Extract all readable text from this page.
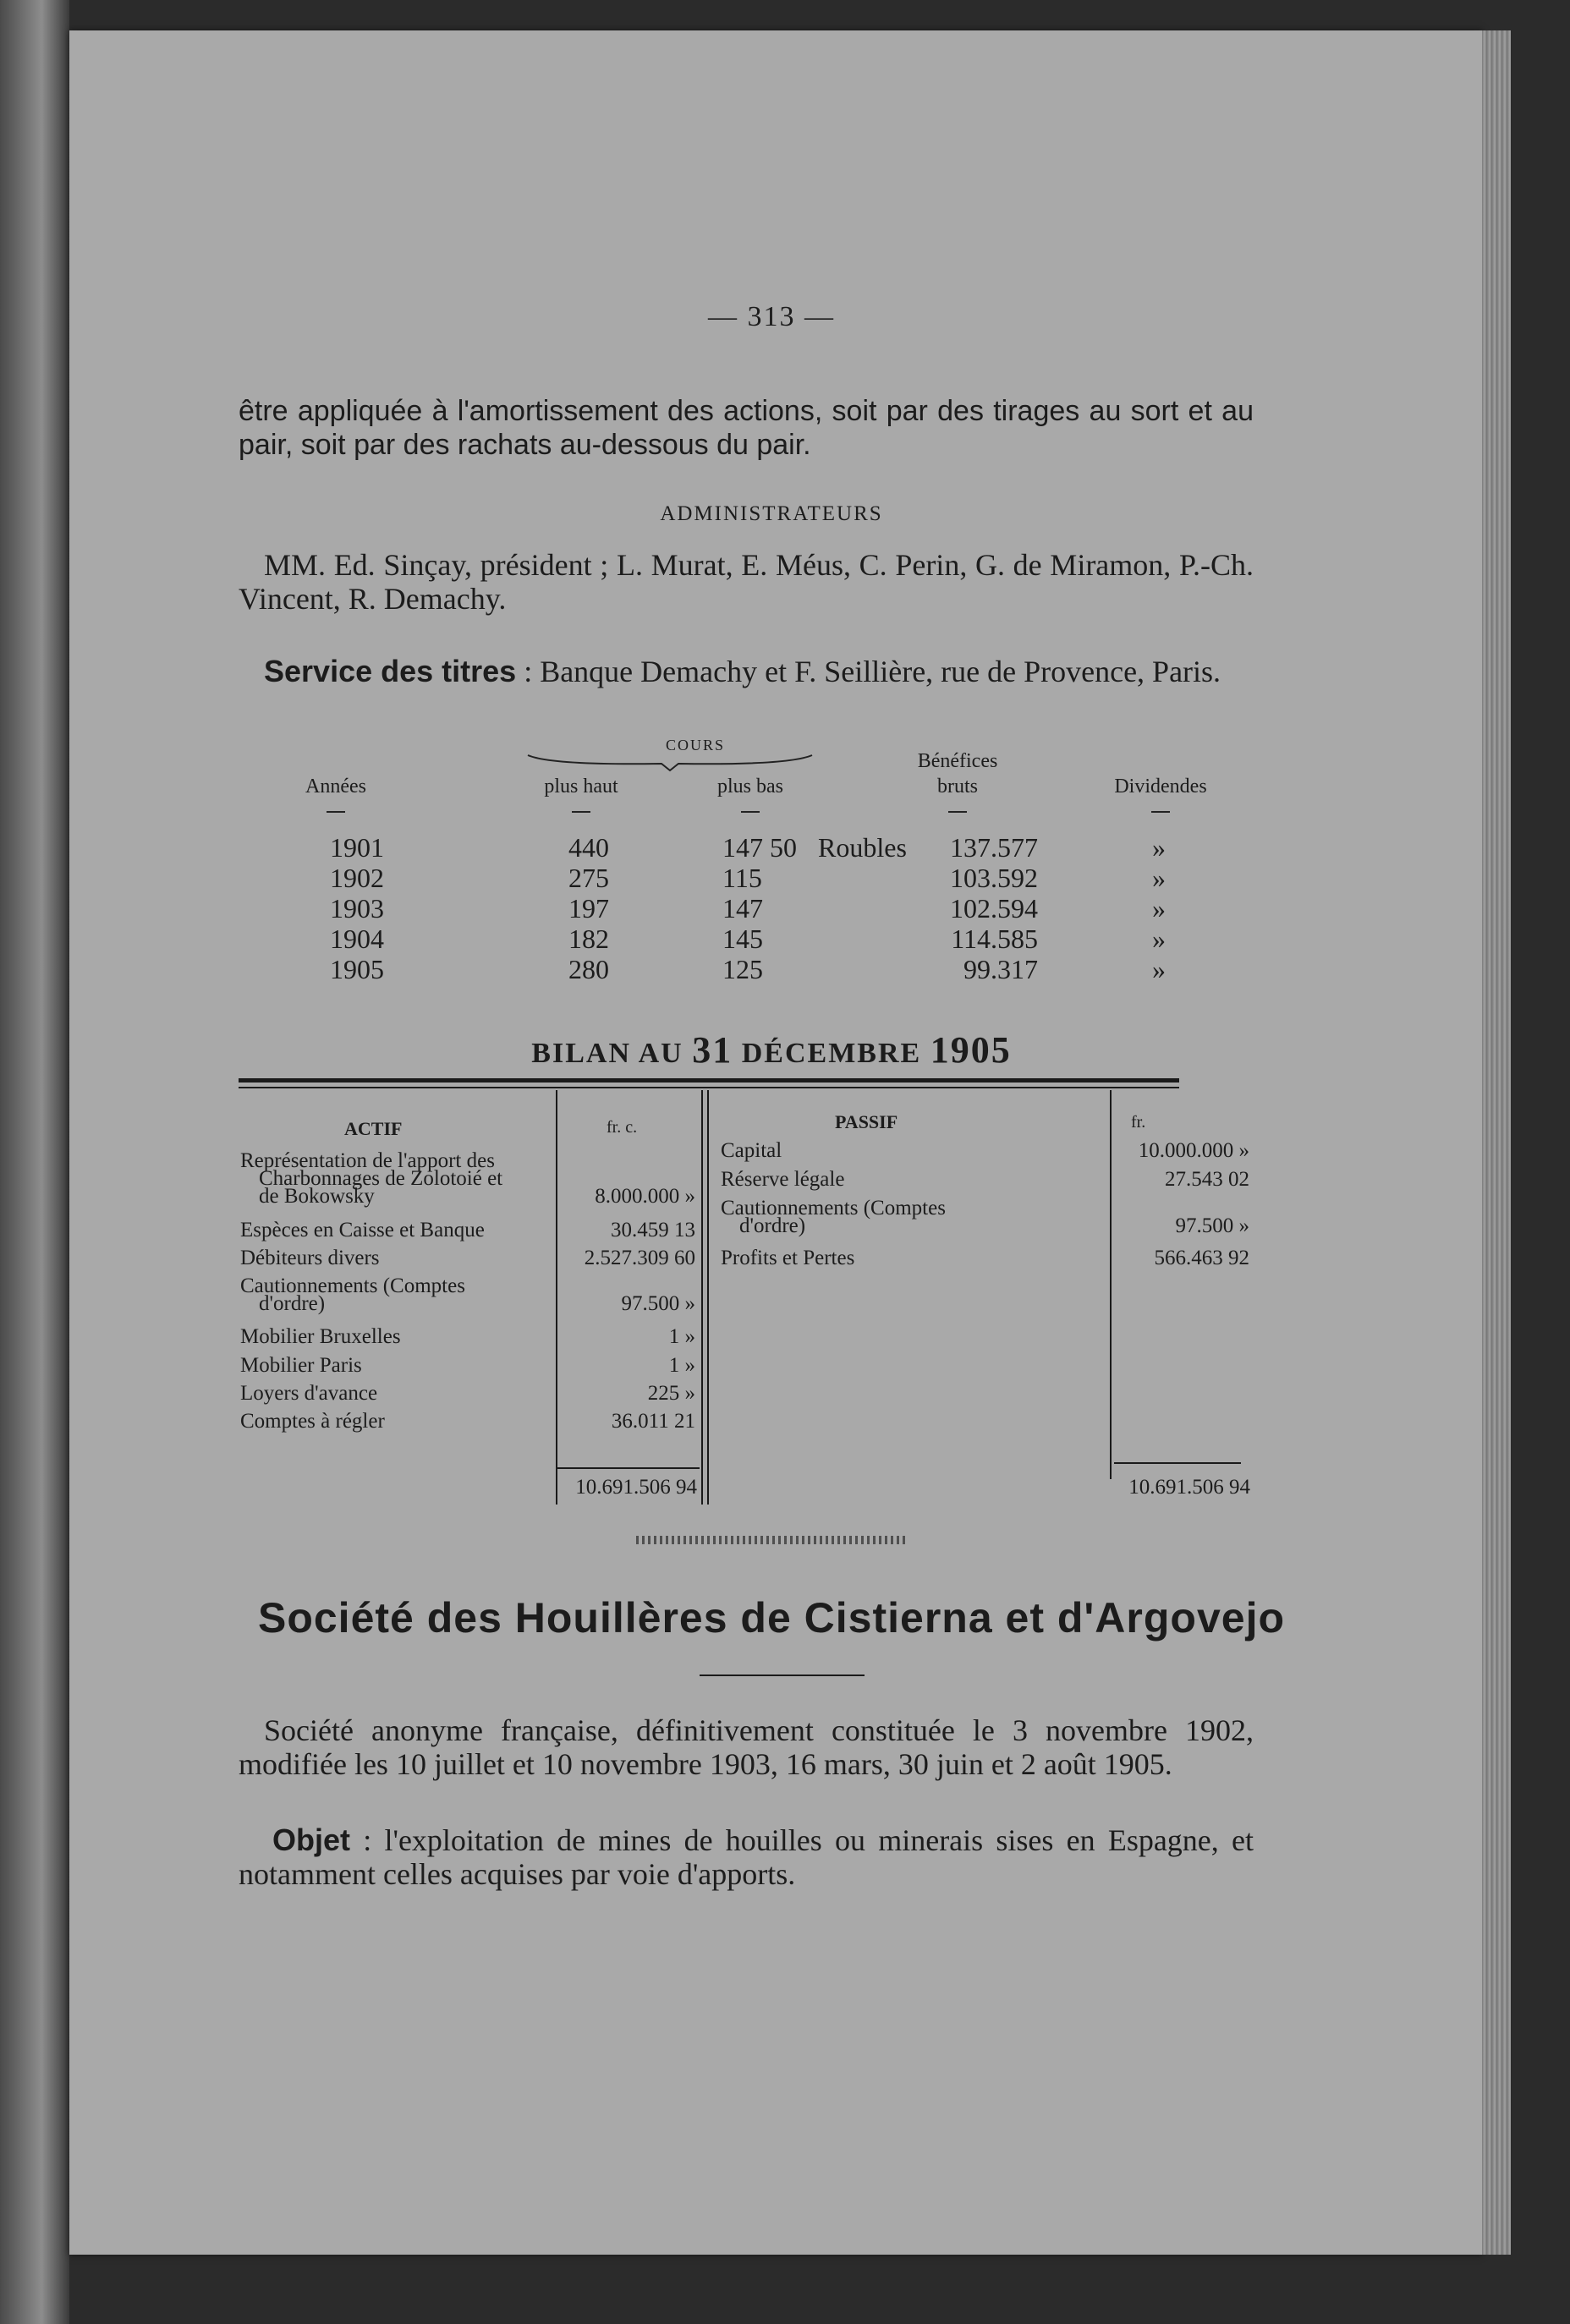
— 313 —
être appliquée à l'amortissement des actions, soit par des tirages au sort et au pair, soit par des rachats au-dessous du pair.
ADMINISTRATEURS
MM. Ed. Sinçay, président ; L. Murat, E. Méus, C. Perin, G. de Miramon, P.-Ch. Vincent, R. Demachy.
Service des titres : Banque Demachy et F. Seillière, rue de Provence, Paris.
COURS
Bénéfices
Années	plus haut	plus bas	bruts	Dividendes
1901	440	147 50 Roubles	137.577	»
1902	275	115	103.592	»
1903	197	147	102.594	»
1904	182	145	114.585	»
1905	280	125	99.317	»
BILAN AU 31 DÉCEMBRE 1905
ACTIF	fr. c.	PASSIF	fr.
Représentation de l'apport des
Charbonnages de Zolotoié et
de Bokowsky	8.000.000 »
Espèces en Caisse et Banque	30.459 13
Débiteurs divers	2.527.309 60
Cautionnements (Comptes
d'ordre)	97.500 »
Mobilier Bruxelles	1 »
Mobilier Paris	1 »
Loyers d'avance	225 »
Comptes à régler	36.011 21
Capital	10.000.000 »
Réserve légale	27.543 02
Cautionnements (Comptes
d'ordre)	97.500 »
Profits et Pertes	566.463 92
10.691.506 94	10.691.506 94
Société des Houillères de Cistierna et d'Argovejo
Société anonyme française, définitivement constituée le 3 novembre 1902, modifiée les 10 juillet et 10 novembre 1903, 16 mars, 30 juin et 2 août 1905.
Objet : l'exploitation de mines de houilles ou minerais sises en Espagne, et notamment celles acquises par voie d'apports.
